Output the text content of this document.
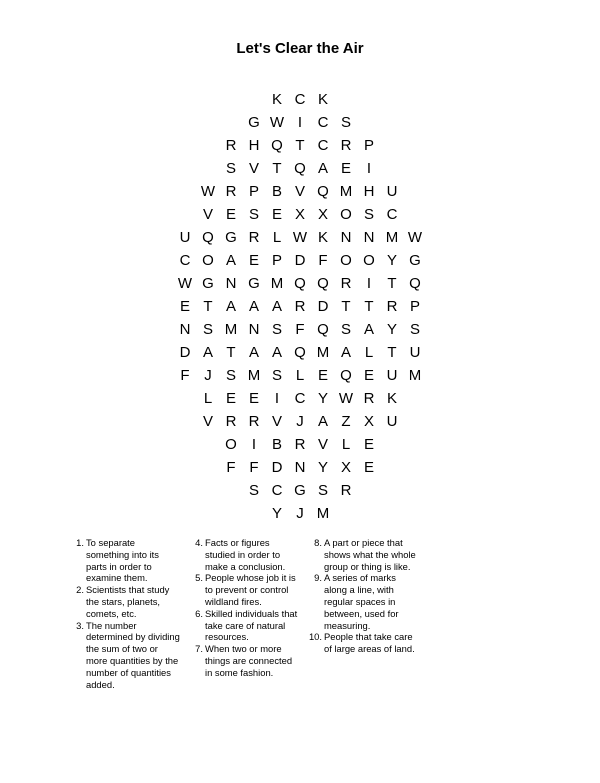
Let's Clear the Air
K C K
G W I	C S
R H Q T C R P
S V T Q A E	I
W R P B V Q M H U
V E S E X X O S C
U Q G R L W K N N M W
C O A E P D F O O Y G
W G N G M Q Q R	I	T Q
E T A A A R D T T R P
N S M N S F Q S A Y S
D A T A A Q M A L T U
F J S M S L E Q E U M
L E E	I	C Y W R K
V R R V J A Z X U
O	I	B R V L E
F F D N Y X E
S C G S R
Y J M
1. To separate something into its parts in order to examine them.
2. Scientists that study the stars, planets, comets, etc.
3. The number determined by dividing the sum of two or more quantities by the number of quantities added.
4. Facts or figures studied in order to make a conclusion.
5. People whose job it is to prevent or control wildland fires.
6. Skilled individuals that take care of natural resources.
7. When two or more things are connected in some fashion.
8. A part or piece that shows what the whole group or thing is like.
9. A series of marks along a line, with regular spaces in between, used for measuring.
10. People that take care of large areas of land.
